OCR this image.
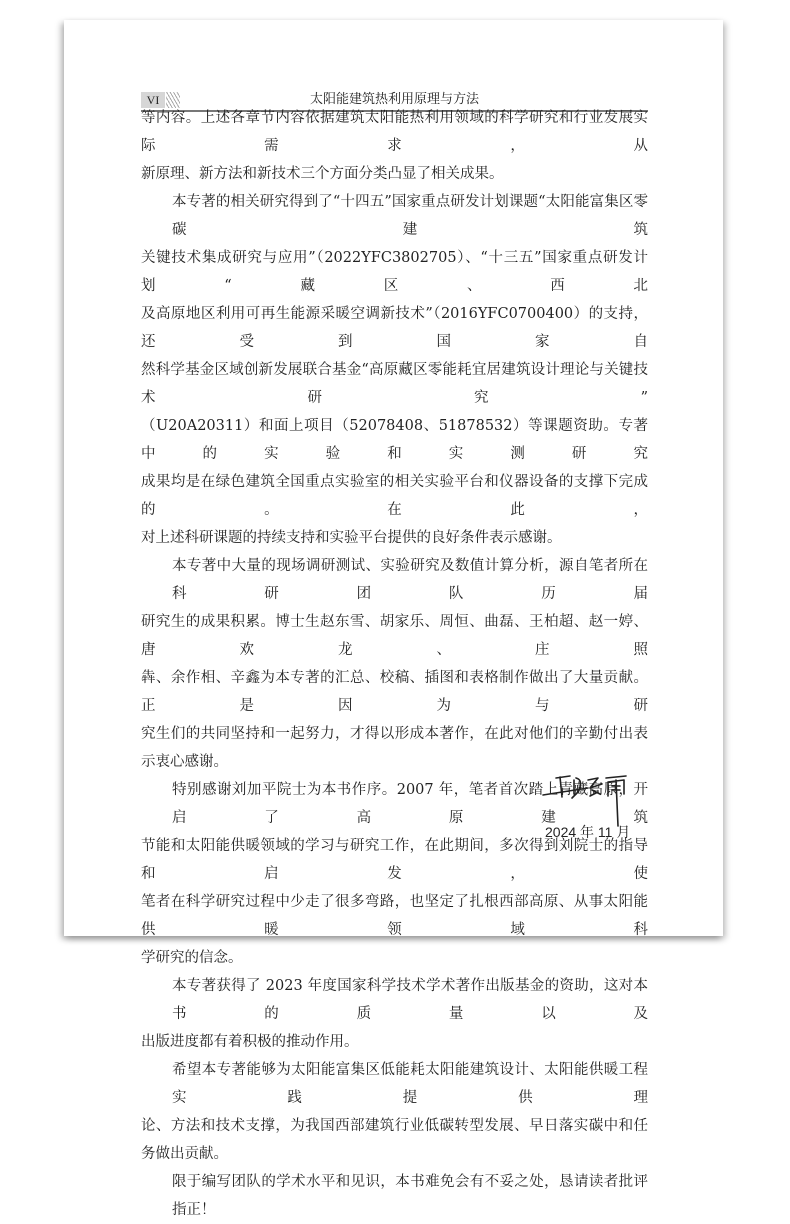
VI	太阳能建筑热利用原理与方法
等内容。上述各章节内容依据建筑太阳能热利用领域的科学研究和行业发展实际需求，从
新原理、新方法和新技术三个方面分类凸显了相关成果。
本专著的相关研究得到了“十四五”国家重点研发计划课题“太阳能富集区零碳建筑
关键技术集成研究与应用”（2022YFC3802705）、“十三五”国家重点研发计划“藏区、西北
及高原地区利用可再生能源采暖空调新技术”（2016YFC0700400）的支持，还受到国家自
然科学基金区域创新发展联合基金“高原藏区零能耗宜居建筑设计理论与关键技术研究”
（U20A20311）和面上项目（52078408、51878532）等课题资助。专著中的实验和实测研究
成果均是在绿色建筑全国重点实验室的相关实验平台和仪器设备的支撑下完成的。在此，
对上述科研课题的持续支持和实验平台提供的良好条件表示感谢。
本专著中大量的现场调研测试、实验研究及数值计算分析，源自笔者所在科研团队历届
研究生的成果积累。博士生赵东雪、胡家乐、周恒、曲磊、王柏超、赵一婷、唐欢龙、庄照
犇、余作相、辛鑫为本专著的汇总、校稿、插图和表格制作做出了大量贡献。正是因为与研
究生们的共同坚持和一起努力，才得以形成本著作，在此对他们的辛勤付出表示衷心感谢。
特别感谢刘加平院士为本书作序。2007 年，笔者首次踏上青藏高原，开启了高原建筑
节能和太阳能供暖领域的学习与研究工作，在此期间，多次得到刘院士的指导和启发，使
笔者在科学研究过程中少走了很多弯路，也坚定了扎根西部高原、从事太阳能供暖领域科
学研究的信念。
本专著获得了 2023 年度国家科学技术学术著作出版基金的资助，这对本书的质量以及
出版进度都有着积极的推动作用。
希望本专著能够为太阳能富集区低能耗太阳能建筑设计、太阳能供暖工程实践提供理
论、方法和技术支撑，为我国西部建筑行业低碳转型发展、早日落实碳中和任务做出贡献。
限于编写团队的学术水平和见识，本书难免会有不妥之处，恳请读者批评指正！
2024 年 11 月
